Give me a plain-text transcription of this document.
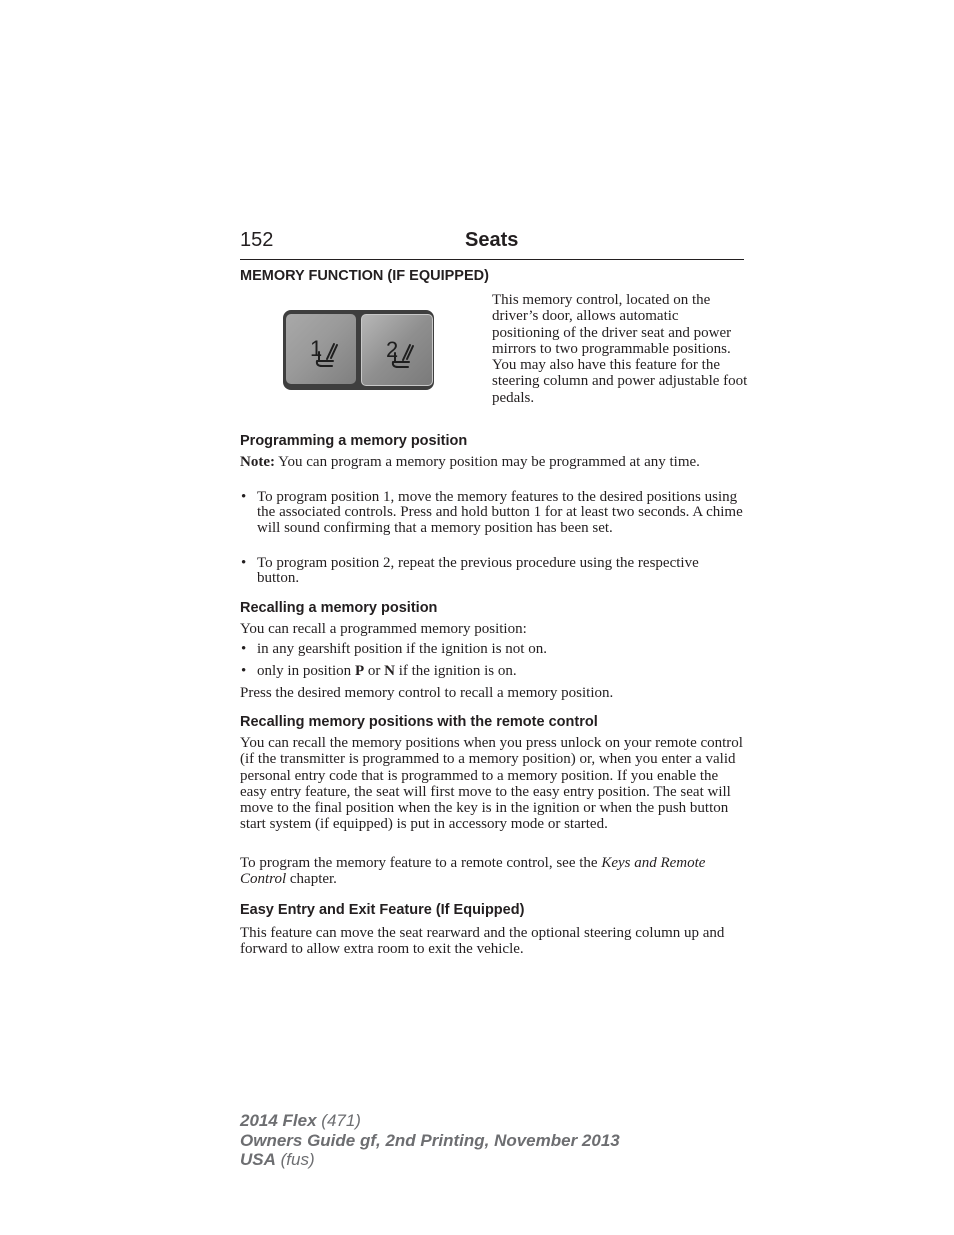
152	Seats
MEMORY FUNCTION (IF EQUIPPED)
1	2
This memory control, located on the driver’s door, allows automatic positioning of the driver seat and power mirrors to two programmable positions. You may also have this feature for the steering column and power adjustable foot pedals.
Programming a memory position
Note: You can program a memory position may be programmed at any time.
• To program position 1, move the memory features to the desired positions using the associated controls. Press and hold button 1 for at least two seconds. A chime will sound confirming that a memory position has been set.
• To program position 2, repeat the previous procedure using the respective button.
Recalling a memory position
You can recall a programmed memory position:
• in any gearshift position if the ignition is not on.
• only in position P or N if the ignition is on.
Press the desired memory control to recall a memory position.
Recalling memory positions with the remote control
You can recall the memory positions when you press unlock on your remote control (if the transmitter is programmed to a memory position) or, when you enter a valid personal entry code that is programmed to a memory position. If you enable the easy entry feature, the seat will first move to the easy entry position. The seat will move to the final position when the key is in the ignition or when the push button start system (if equipped) is put in accessory mode or started.
To program the memory feature to a remote control, see the Keys and Remote Control chapter.
Easy Entry and Exit Feature (If Equipped)
This feature can move the seat rearward and the optional steering column up and forward to allow extra room to exit the vehicle.
2014 Flex (471)
Owners Guide gf, 2nd Printing, November 2013
USA (fus)
